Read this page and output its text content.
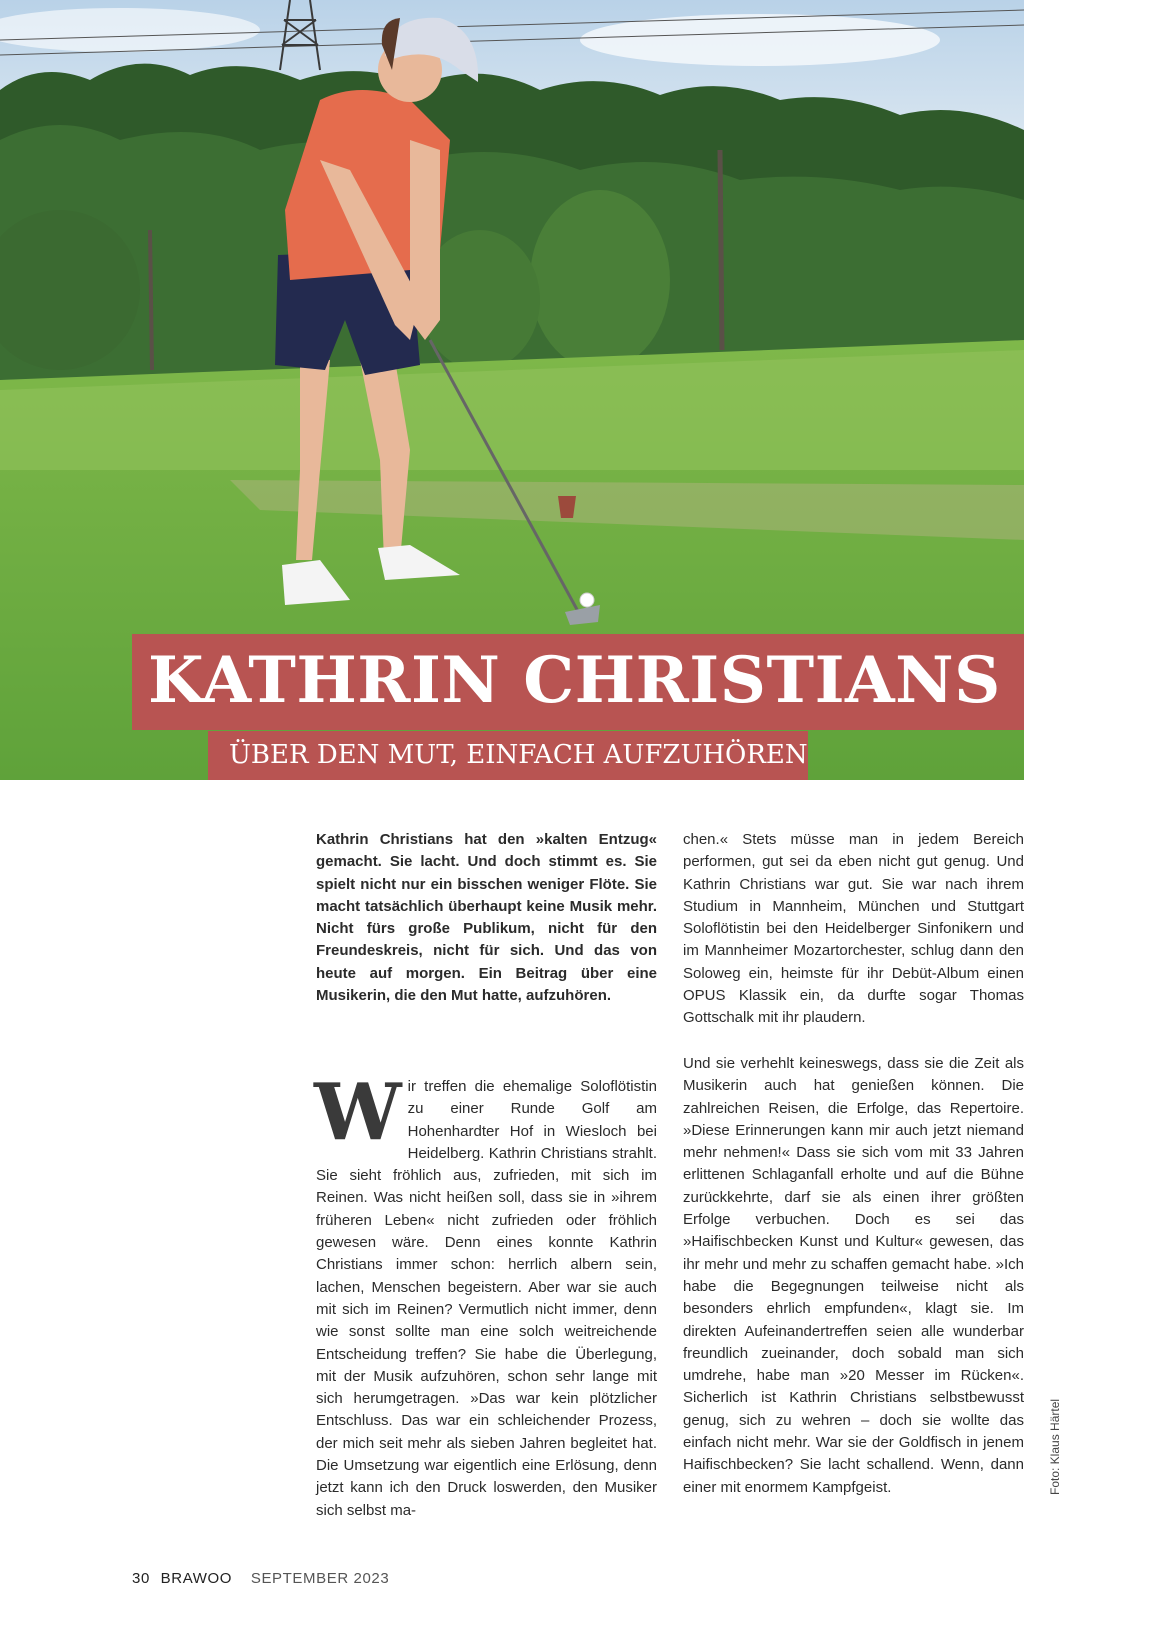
KATHRIN CHRISTIANS
ÜBER DEN MUT, EINFACH AUFZUHÖREN

Kathrin Christians hat den »kalten Entzug« gemacht. Sie lacht. Und doch stimmt es. Sie spielt nicht nur ein bisschen weniger Flöte. Sie macht tatsächlich überhaupt keine Musik mehr. Nicht fürs große Publikum, nicht für den Freundeskreis, nicht für sich. Und das von heute auf morgen. Ein Beitrag über eine Musikerin, die den Mut hatte, aufzuhören.

Wir treffen die ehemalige Soloflötistin zu einer Runde Golf am Hohenhardter Hof in Wiesloch bei Heidelberg. Kathrin Christians strahlt. Sie sieht fröhlich aus, zufrieden, mit sich im Reinen. Was nicht heißen soll, dass sie in »ihrem früheren Leben« nicht zufrieden oder fröhlich gewesen wäre. Denn eines konnte Kathrin Christians immer schon: herrlich albern sein, lachen, Menschen begeistern. Aber war sie auch mit sich im Reinen? Vermutlich nicht immer, denn wie sonst sollte man eine solch weitreichende Entscheidung treffen? Sie habe die Überlegung, mit der Musik aufzuhören, schon sehr lange mit sich herumgetragen. »Das war kein plötzlicher Entschluss. Das war ein schleichender Prozess, der mich seit mehr als sieben Jahren begleitet hat. Die Umsetzung war eigentlich eine Erlösung, denn jetzt kann ich den Druck loswerden, den Musiker sich selbst ma-

chen.« Stets müsse man in jedem Bereich performen, gut sei da eben nicht gut genug. Und Kathrin Christians war gut. Sie war nach ihrem Studium in Mannheim, München und Stuttgart Soloflötistin bei den Heidelberger Sinfonikern und im Mannheimer Mozartorchester, schlug dann den Soloweg ein, heimste für ihr Debüt-Album einen OPUS Klassik ein, da durfte sogar Thomas Gottschalk mit ihr plaudern.

Und sie verhehlt keineswegs, dass sie die Zeit als Musikerin auch hat genießen können. Die zahlreichen Reisen, die Erfolge, das Repertoire. »Diese Erinnerungen kann mir auch jetzt niemand mehr nehmen!« Dass sie sich vom mit 33 Jahren erlittenen Schlaganfall erholte und auf die Bühne zurückkehrte, darf sie als einen ihrer größten Erfolge verbuchen. Doch es sei das »Haifischbecken Kunst und Kultur« gewesen, das ihr mehr und mehr zu schaffen gemacht habe. »Ich habe die Begegnungen teilweise nicht als besonders ehrlich empfunden«, klagt sie. Im direkten Aufeinandertreffen seien alle wunderbar freundlich zueinander, doch sobald man sich umdrehe, habe man »20 Messer im Rücken«. Sicherlich ist Kathrin Christians selbstbewusst genug, sich zu wehren – doch sie wollte das einfach nicht mehr. War sie der Goldfisch in jenem Haifischbecken? Sie lacht schallend. Wenn, dann einer mit enormem Kampfgeist.	Foto: Klaus Härtel
30 BRAWOO SEPTEMBER 2023
